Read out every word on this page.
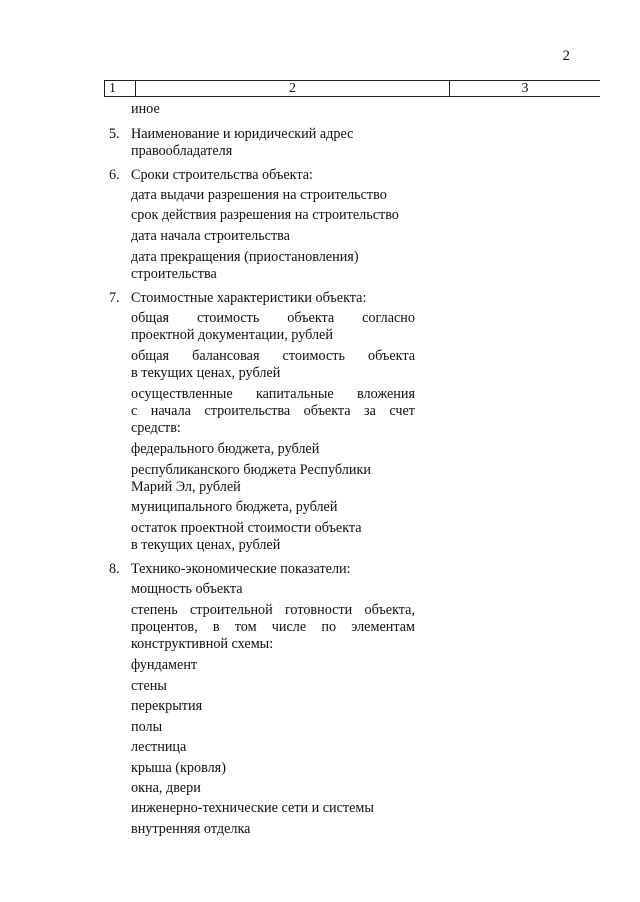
2
1	2	3
иное
5. Наименование и юридический адрес
правообладателя
6. Сроки строительства объекта:
дата выдачи разрешения на строительство
срок действия разрешения на строительство
дата начала строительства
дата прекращения (приостановления)
строительства
7. Стоимостные характеристики объекта:
общая стоимость объекта согласно
проектной документации, рублей
общая балансовая стоимость объекта
в текущих ценах, рублей
осуществленные капитальные вложения
с начала строительства объекта за счет
средств:
федерального бюджета, рублей
республиканского бюджета Республики
Марий Эл, рублей
муниципального бюджета, рублей
остаток проектной стоимости объекта
в текущих ценах, рублей
8. Технико-экономические показатели:
мощность объекта
степень строительной готовности объекта,
процентов, в том числе по элементам
конструктивной схемы:
фундамент
стены
перекрытия
полы
лестница
крыша (кровля)
окна, двери
инженерно-технические сети и системы
внутренняя отделка
